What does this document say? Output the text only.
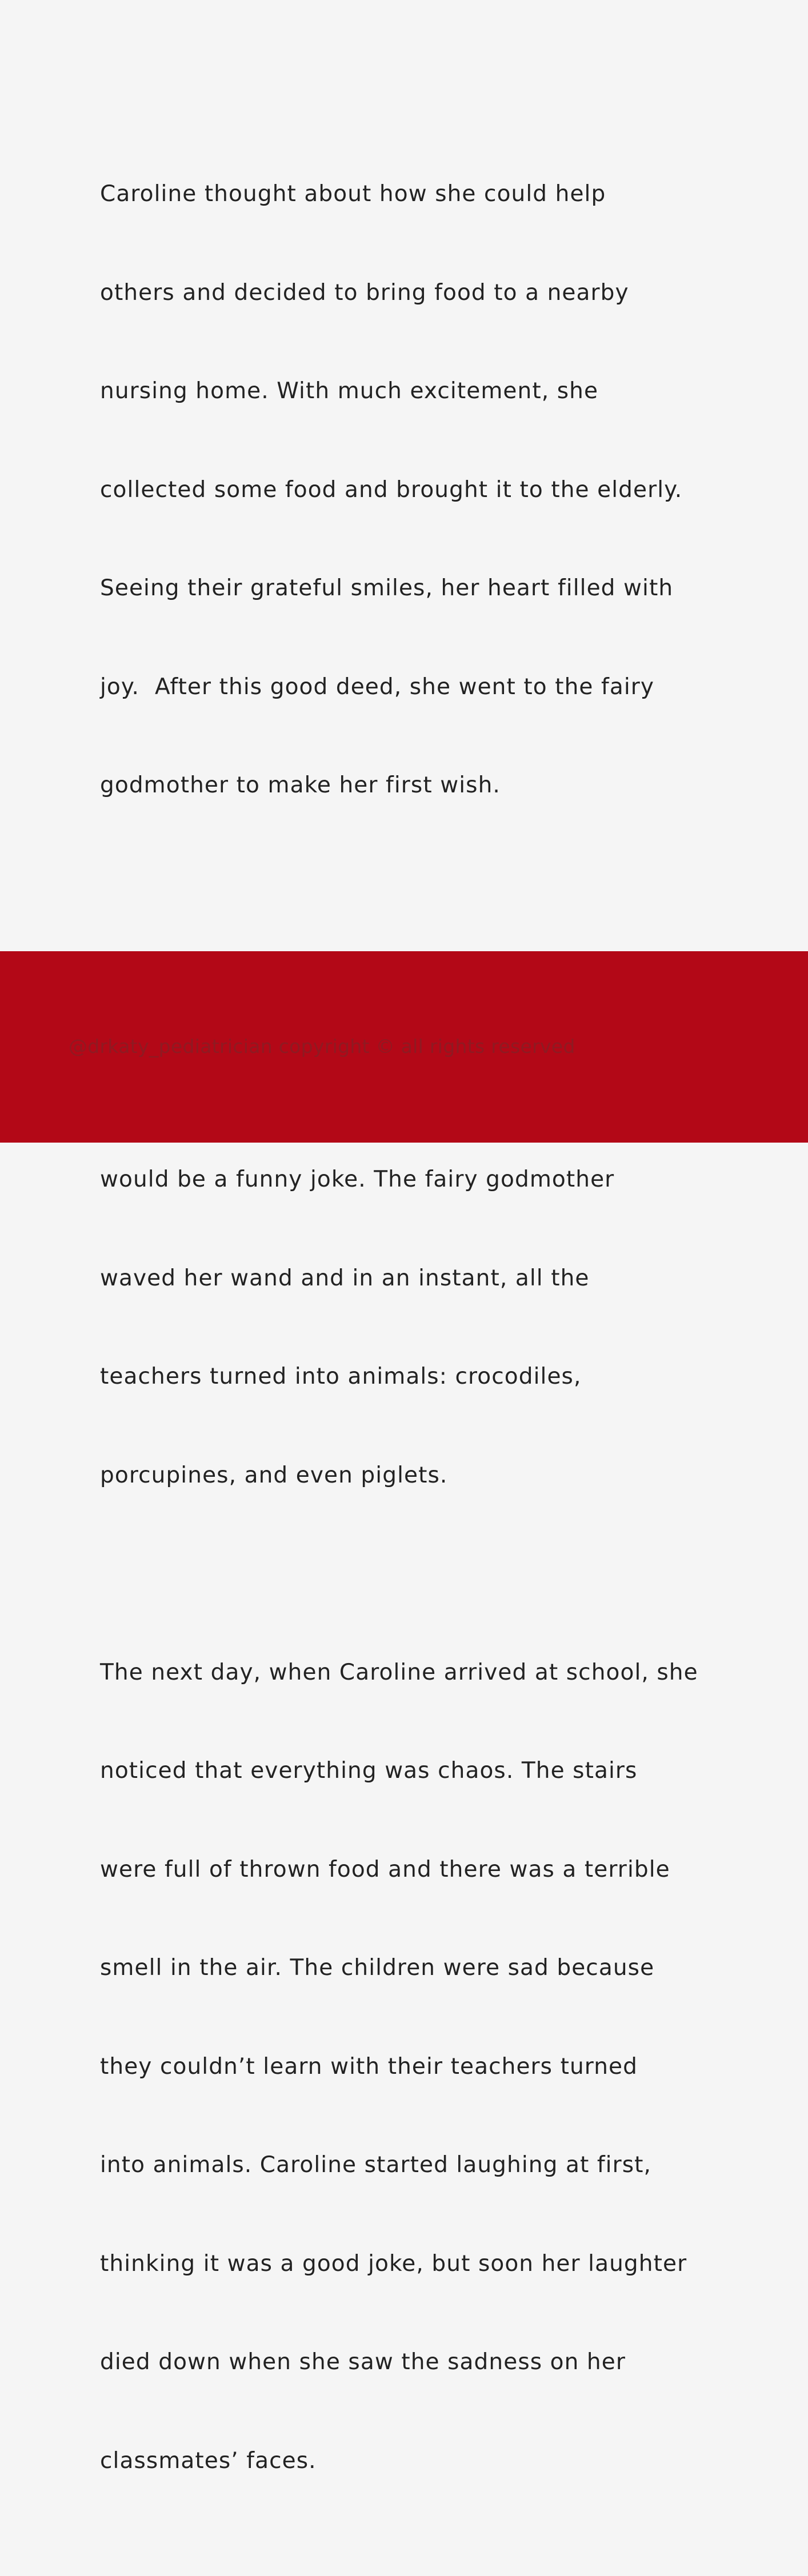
Caroline thought about how she could help

others and decided to bring food to a nearby

nursing home. With much excitement, she

collected some food and brought it to the elderly.

Seeing their grateful smiles, her heart filled with

joy.  After this good deed, she went to the fairy

godmother to make her first wish.

would be a funny joke. The fairy godmother

waved her wand and in an instant, all the

teachers turned into animals: crocodiles,

porcupines, and even piglets.

The next day, when Caroline arrived at school, she

noticed that everything was chaos. The stairs

were full of thrown food and there was a terrible

smell in the air. The children were sad because

they couldn’t learn with their teachers turned

into animals. Caroline started laughing at first,

thinking it was a good joke, but soon her laughter

died down when she saw the sadness on her

classmates’ faces.

@drkaty_pediatrician copyright © all rights reserved
